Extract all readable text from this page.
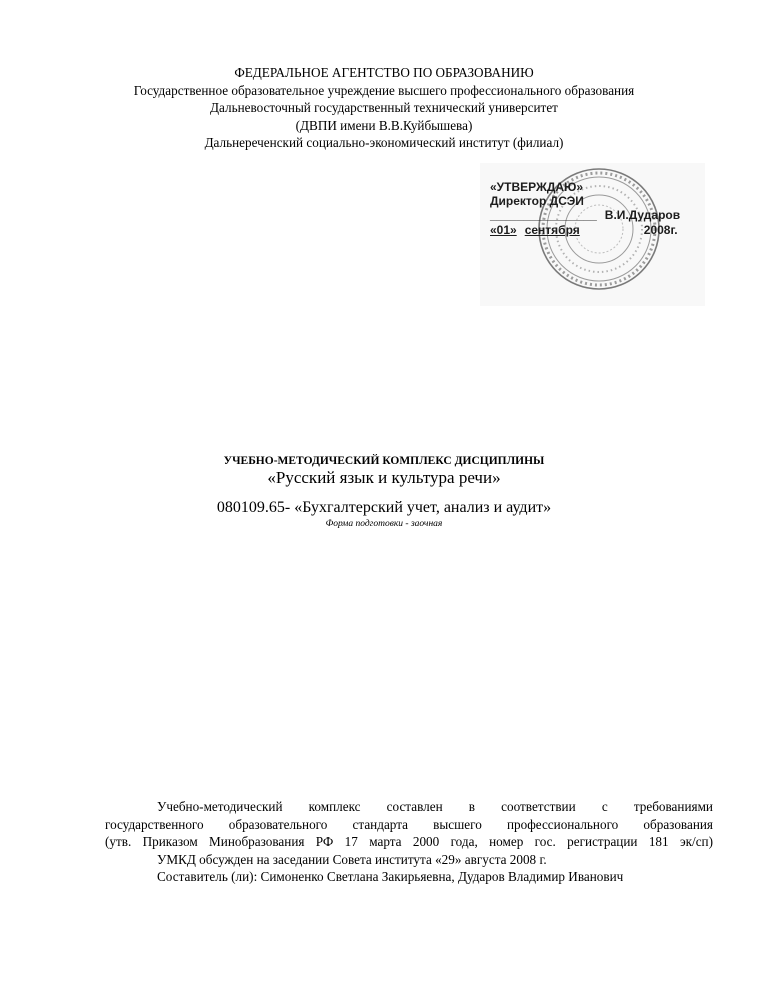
ФЕДЕРАЛЬНОЕ АГЕНТСТВО ПО ОБРАЗОВАНИЮ
Государственное образовательное учреждение высшего профессионального образования
Дальневосточный государственный технический университет
(ДВПИ имени В.В.Куйбышева)
Дальнереченский социально-экономический институт (филиал)
«УТВЕРЖДАЮ»
Директор ДСЭИ
________________ В.И.Дударов
«01» сентября	2008г.
УЧЕБНО-МЕТОДИЧЕСКИЙ КОМПЛЕКС ДИСЦИПЛИНЫ
«Русский язык и культура речи»
080109.65- «Бухгалтерский учет, анализ и аудит»
Форма подготовки - заочная

Учебно-методический комплекс составлен в соответствии с требованиями

государственного образовательного стандарта высшего профессионального образования

(утв. Приказом Минобразования РФ 17 марта 2000 года, номер гос. регистрации 181 эк/сп)

УМКД обсужден на заседании Совета института «29» августа 2008 г.

Составитель (ли): Симоненко Светлана Закирьяевна, Дударов Владимир Иванович
